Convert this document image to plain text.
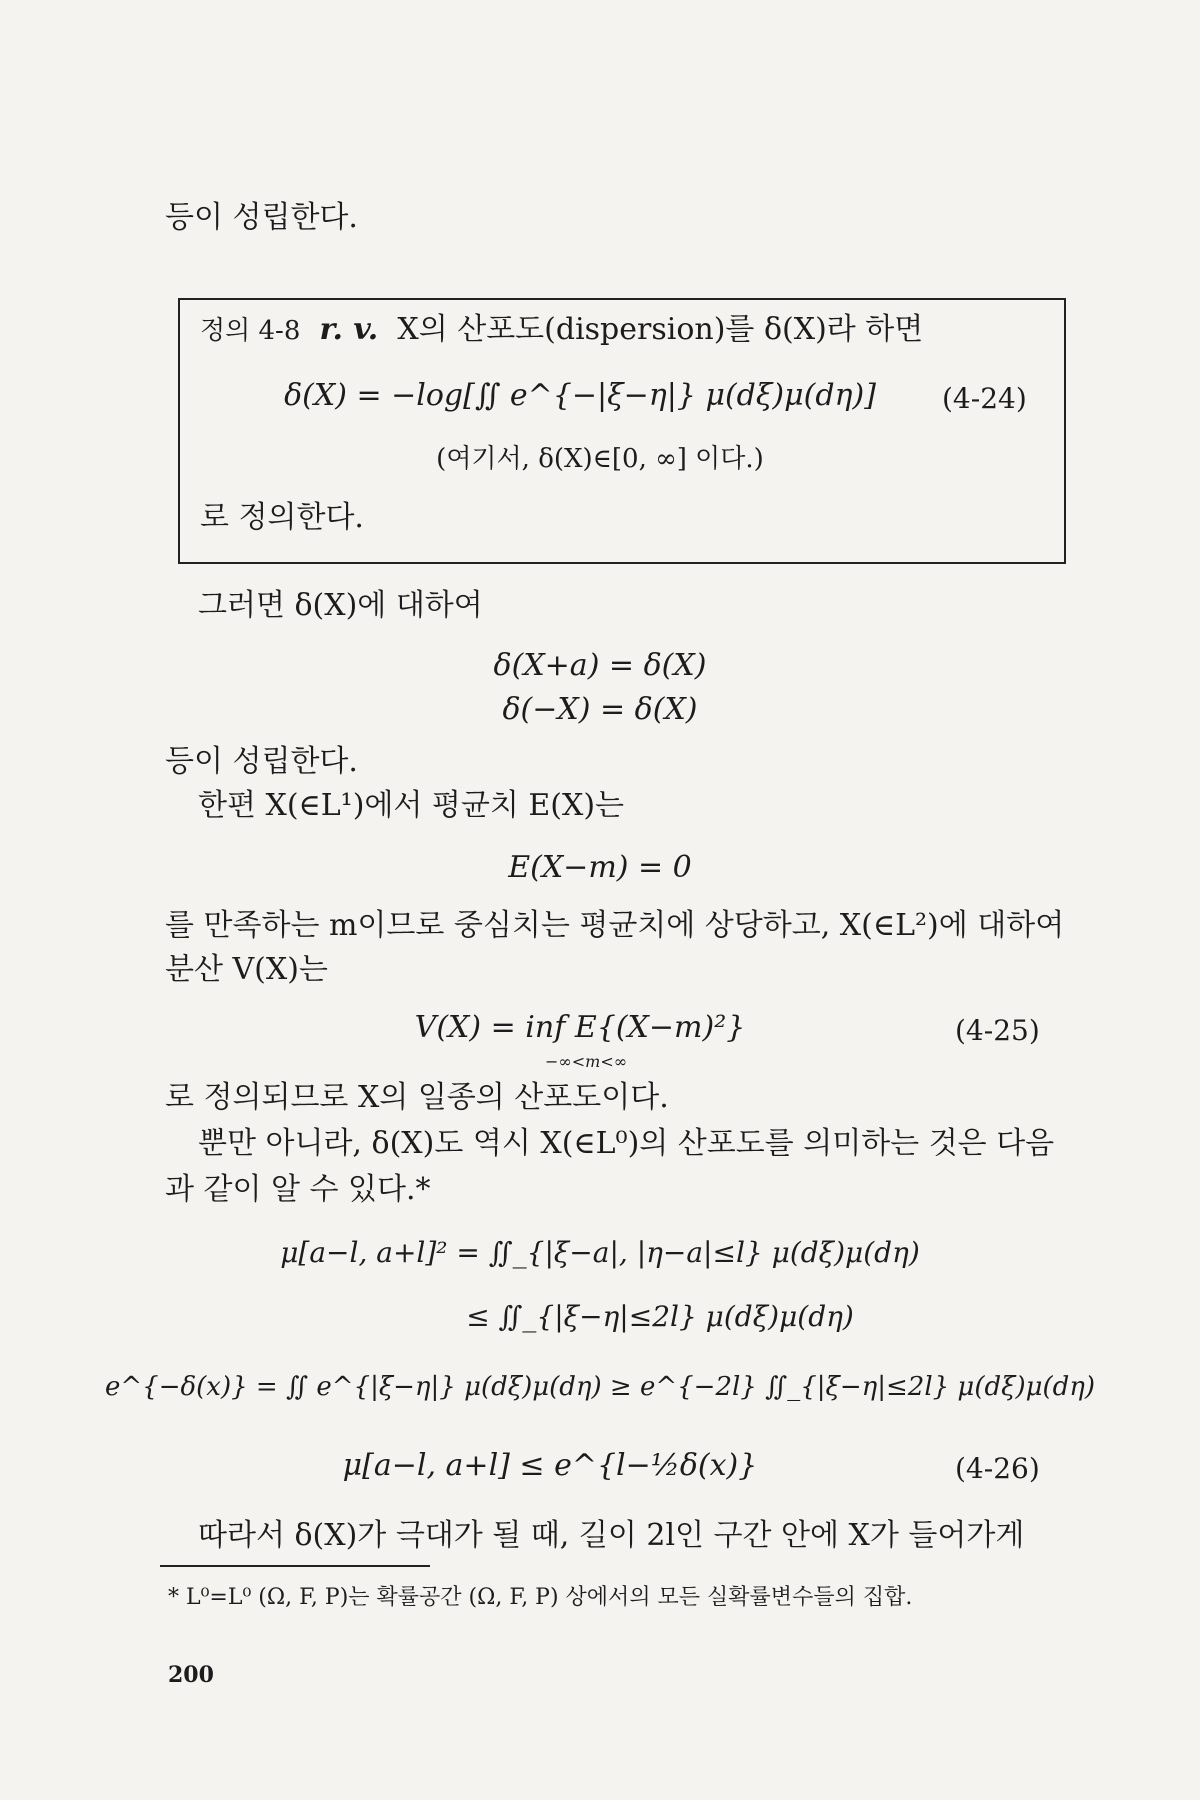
등이 성립한다.
정의 4-8 r. v. X의 산포도(dispersion)를 δ(X)라 하면
δ(X) = −log[∬ e^{−|ξ−η|} μ(dξ)μ(dη)]	(4-24)
(여기서, δ(X)∈[0, ∞] 이다.)
로 정의한다.
그러면 δ(X)에 대하여
δ(X+a) = δ(X)
δ(−X) = δ(X)
등이 성립한다.
한편 X(∈L¹)에서 평균치 E(X)는
E(X−m) = 0
를 만족하는 m이므로 중심치는 평균치에 상당하고, X(∈L²)에 대하여
분산 V(X)는
V(X) = inf E{(X−m)²}
−∞<m<∞
(4-25)
로 정의되므로 X의 일종의 산포도이다.
뿐만 아니라, δ(X)도 역시 X(∈L⁰)의 산포도를 의미하는 것은 다음
과 같이 알 수 있다.*
μ[a−l, a+l]² = ∬_{|ξ−a|, |η−a|≤l} μ(dξ)μ(dη)
≤ ∬_{|ξ−η|≤2l} μ(dξ)μ(dη)
e^{−δ(x)} = ∬ e^{|ξ−η|} μ(dξ)μ(dη) ≥ e^{−2l} ∬_{|ξ−η|≤2l} μ(dξ)μ(dη)
μ[a−l, a+l] ≤ e^{l−½δ(x)}	(4-26)
따라서 δ(X)가 극대가 될 때, 길이 2l인 구간 안에 X가 들어가게
* L⁰=L⁰ (Ω, F, P)는 확률공간 (Ω, F, P) 상에서의 모든 실확률변수들의 집합.
200
